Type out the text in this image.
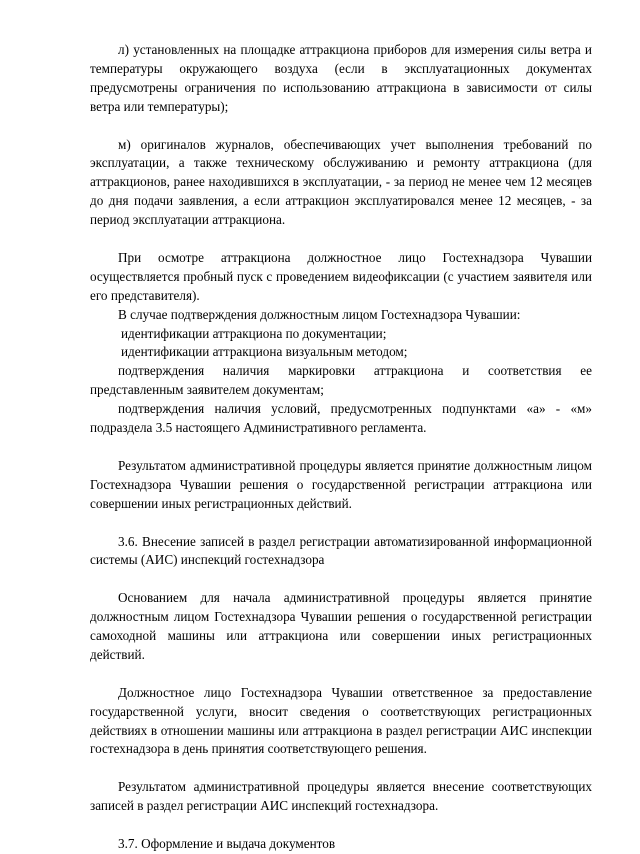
л) установленных на площадке аттракциона приборов для измерения силы ветра и температуры окружающего воздуха (если в эксплуатационных документах предусмотрены ограничения по использованию аттракциона в зависимости от силы ветра или температуры);

м) оригиналов журналов, обеспечивающих учет выполнения требований по эксплуатации, а также техническому обслуживанию и ремонту аттракциона (для аттракционов, ранее находившихся в эксплуатации, - за период не менее чем 12 месяцев до дня подачи заявления, а если аттракцион эксплуатировался менее 12 месяцев, - за период эксплуатации аттракциона.

При осмотре аттракциона должностное лицо Гостехнадзора Чувашии осуществляется пробный пуск с проведением видеофиксации (с участием заявителя или его представителя).

В случае подтверждения должностным лицом Гостехнадзора Чувашии:

идентификации аттракциона по документации;

идентификации аттракциона визуальным методом;

подтверждения наличия маркировки аттракциона и соответствия ее представленным заявителем документам;

подтверждения наличия условий, предусмотренных подпунктами «а» - «м» подраздела 3.5 настоящего Административного регламента.

Результатом административной процедуры является принятие должностным лицом Гостехнадзора Чувашии решения о государственной регистрации аттракциона или совершении иных регистрационных действий.

3.6. Внесение записей в раздел регистрации автоматизированной информационной системы (АИС) инспекций гостехнадзора

Основанием для начала административной процедуры является принятие должностным лицом Гостехнадзора Чувашии решения о государственной регистрации самоходной машины или аттракциона или совершении иных регистрационных действий.

Должностное лицо Гостехнадзора Чувашии ответственное за предоставление государственной услуги, вносит сведения о соответствующих регистрационных действиях в отношении машины или аттракциона в раздел регистрации АИС инспекции гостехнадзора в день принятия соответствующего решения.

Результатом административной процедуры является внесение соответствующих записей в раздел регистрации АИС инспекций гостехнадзора.

3.7. Оформление и выдача документов
